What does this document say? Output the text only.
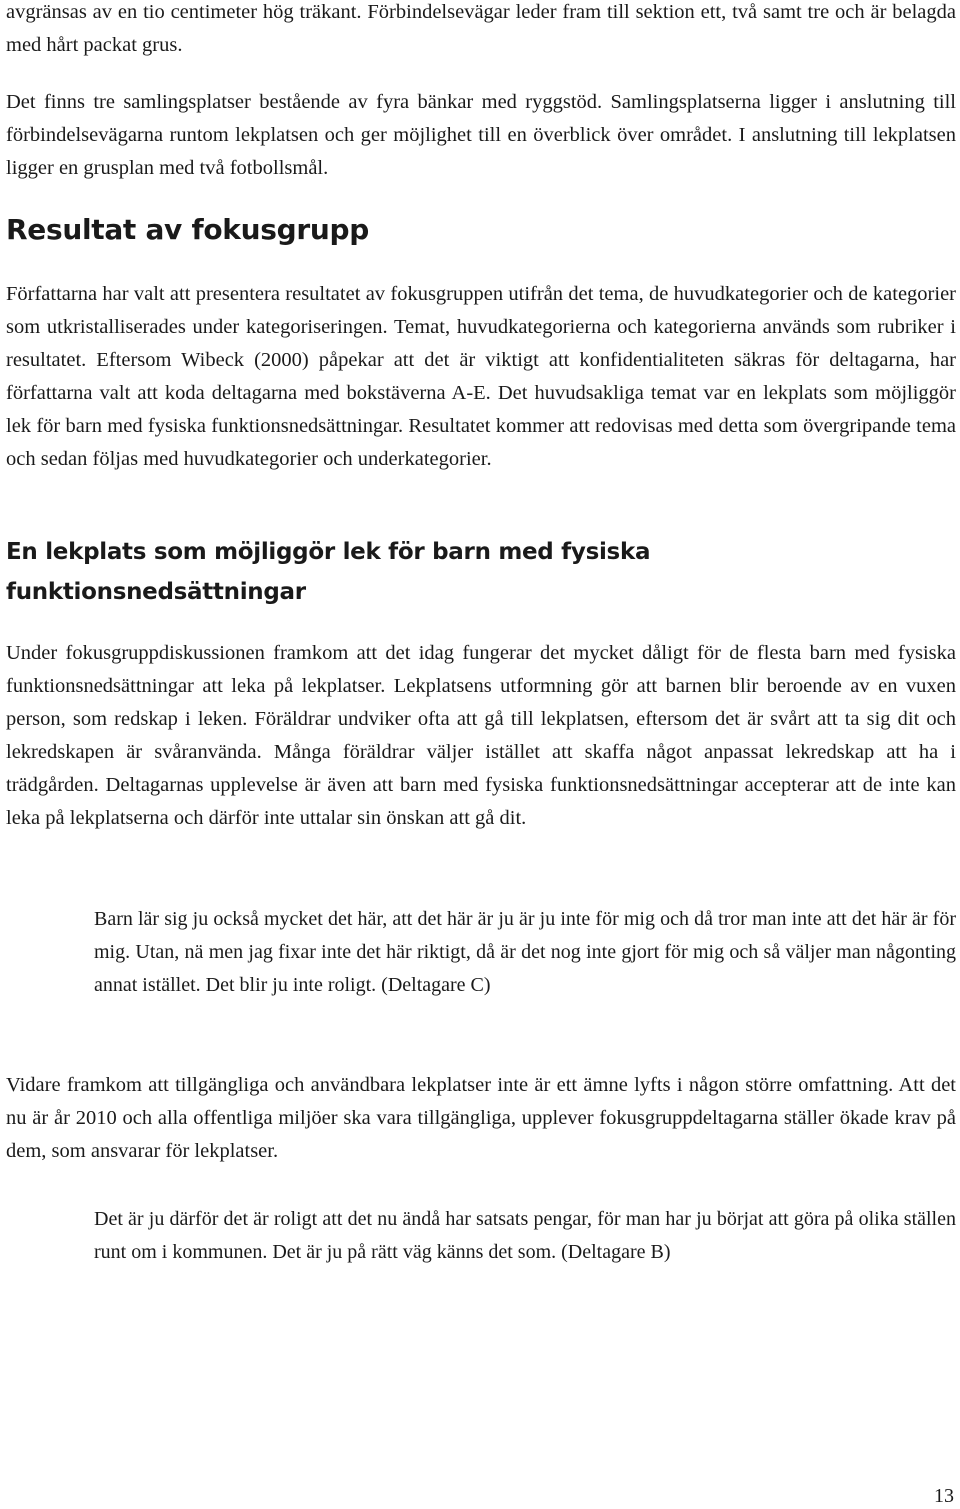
avgränsas av en tio centimeter hög träkant. Förbindelsevägar leder fram till sektion ett, två samt tre och är belagda med hårt packat grus.

Det finns tre samlingsplatser bestående av fyra bänkar med ryggstöd. Samlingsplatserna ligger i anslutning till förbindelsevägarna runtom lekplatsen och ger möjlighet till en överblick över området. I anslutning till lekplatsen ligger en grusplan med två fotbollsmål.

Resultat av fokusgrupp

Författarna har valt att presentera resultatet av fokusgruppen utifrån det tema, de huvudkategorier och de kategorier som utkristalliserades under kategoriseringen. Temat, huvudkategorierna och kategorierna används som rubriker i resultatet. Eftersom Wibeck (2000) påpekar att det är viktigt att konfidentialiteten säkras för deltagarna, har författarna valt att koda deltagarna med bokstäverna A-E. Det huvudsakliga temat var en lekplats som möjliggör lek för barn med fysiska funktionsnedsättningar. Resultatet kommer att redovisas med detta som övergripande tema och sedan följas med huvudkategorier och underkategorier.

En lekplats som möjliggör lek för barn med fysiska funktionsnedsättningar

Under fokusgruppdiskussionen framkom att det idag fungerar det mycket dåligt för de flesta barn med fysiska funktionsnedsättningar att leka på lekplatser. Lekplatsens utformning gör att barnen blir beroende av en vuxen person, som redskap i leken. Föräldrar undviker ofta att gå till lekplatsen, eftersom det är svårt att ta sig dit och lekredskapen är svåranvända. Många föräldrar väljer istället att skaffa något anpassat lekredskap att ha i trädgården. Deltagarnas upplevelse är även att barn med fysiska funktionsnedsättningar accepterar att de inte kan leka på lekplatserna och därför inte uttalar sin önskan att gå dit.

Barn lär sig ju också mycket det här, att det här är ju är ju inte för mig och då tror man inte att det här är för mig. Utan, nä men jag fixar inte det här riktigt, då är det nog inte gjort för mig och så väljer man någonting annat istället. Det blir ju inte roligt. (Deltagare C)

Vidare framkom att tillgängliga och användbara lekplatser inte är ett ämne lyfts i någon större omfattning. Att det nu är år 2010 och alla offentliga miljöer ska vara tillgängliga, upplever fokusgruppdeltagarna ställer ökade krav på dem, som ansvarar för lekplatser.

Det är ju därför det är roligt att det nu ändå har satsats pengar, för man har ju börjat att göra på olika ställen runt om i kommunen. Det är ju på rätt väg känns det som. (Deltagare B)

13
